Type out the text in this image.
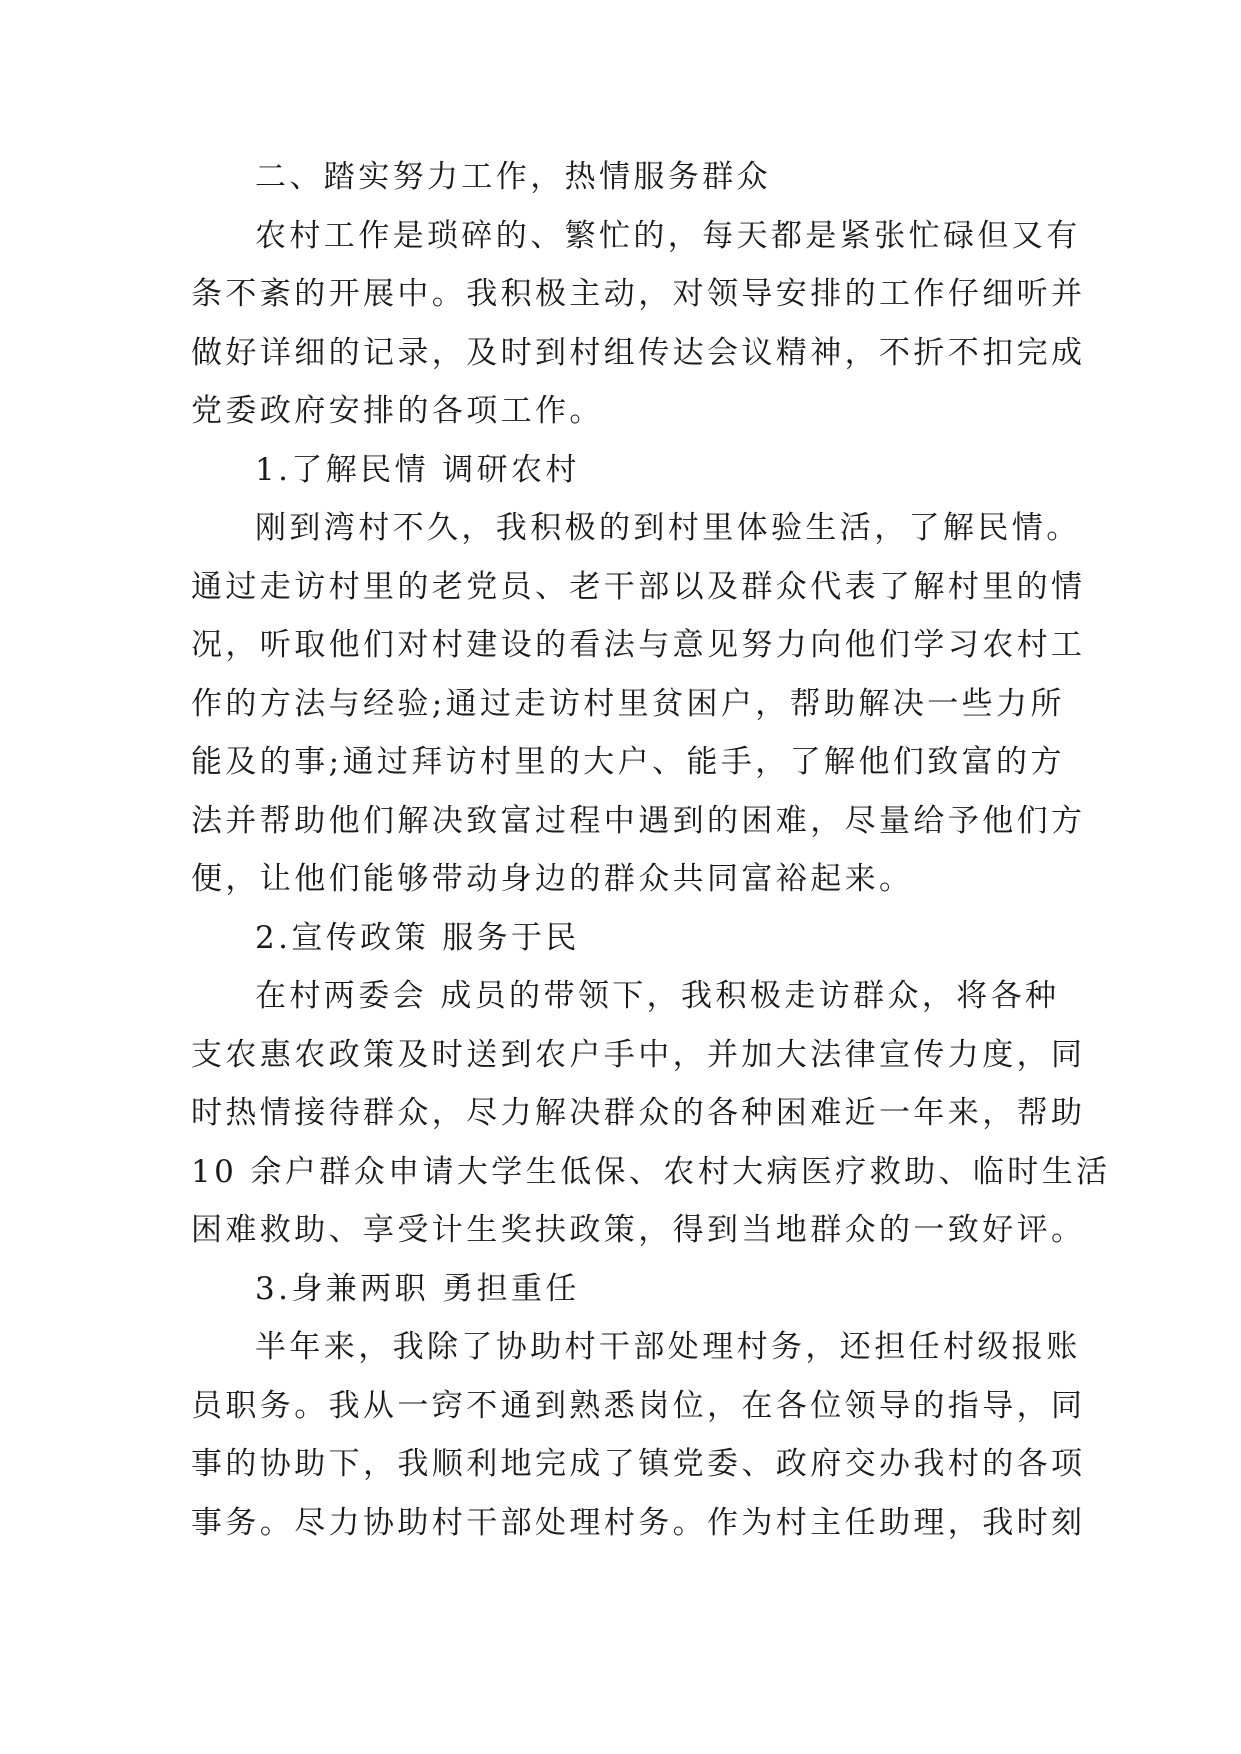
二、踏实努力工作，热情服务群众
农村工作是琐碎的、繁忙的，每天都是紧张忙碌但又有
条不紊的开展中。我积极主动，对领导安排的工作仔细听并
做好详细的记录，及时到村组传达会议精神，不折不扣完成
党委政府安排的各项工作。
1.了解民情 调研农村
刚到湾村不久，我积极的到村里体验生活，了解民情。
通过走访村里的老党员、老干部以及群众代表了解村里的情
况，听取他们对村建设的看法与意见努力向他们学习农村工
作的方法与经验;通过走访村里贫困户，帮助解决一些力所
能及的事;通过拜访村里的大户、能手，了解他们致富的方
法并帮助他们解决致富过程中遇到的困难，尽量给予他们方
便，让他们能够带动身边的群众共同富裕起来。
2.宣传政策 服务于民
在村两委会 成员的带领下，我积极走访群众，将各种
支农惠农政策及时送到农户手中，并加大法律宣传力度，同
时热情接待群众，尽力解决群众的各种困难近一年来，帮助
10 余户群众申请大学生低保、农村大病医疗救助、临时生活
困难救助、享受计生奖扶政策，得到当地群众的一致好评。
3.身兼两职 勇担重任
半年来，我除了协助村干部处理村务，还担任村级报账
员职务。我从一窍不通到熟悉岗位，在各位领导的指导，同
事的协助下，我顺利地完成了镇党委、政府交办我村的各项
事务。尽力协助村干部处理村务。作为村主任助理，我时刻
